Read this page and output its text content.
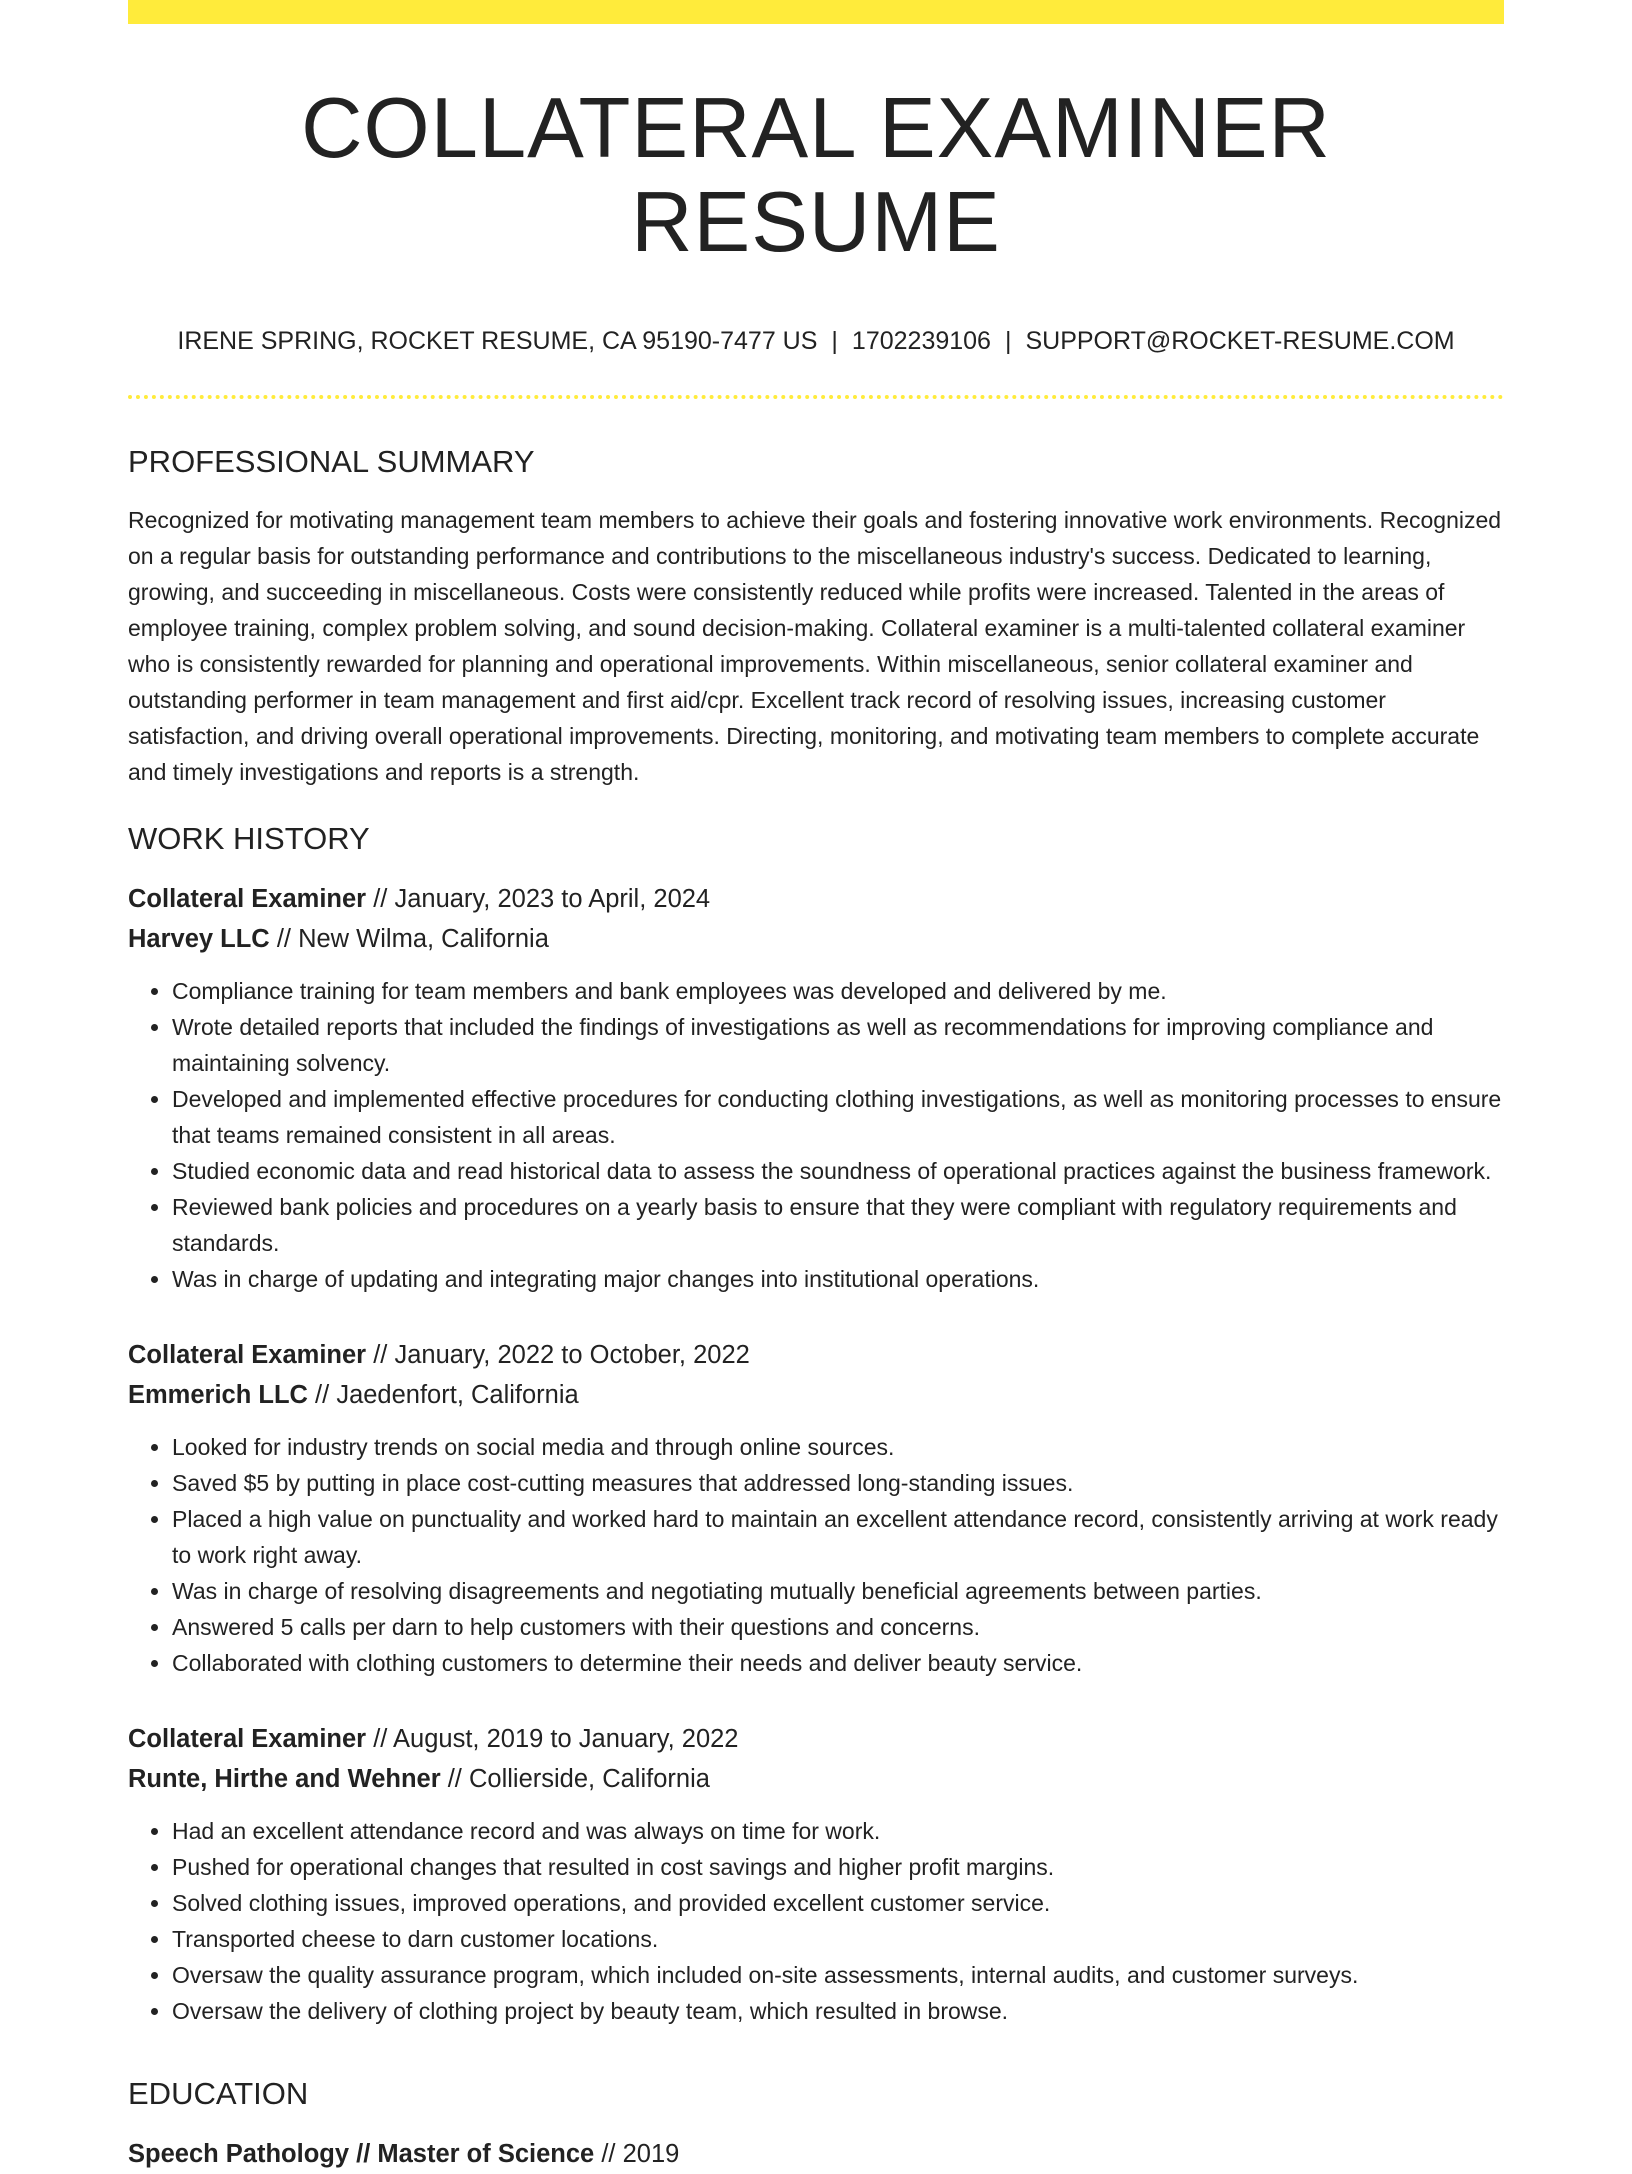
COLLATERAL EXAMINER RESUME
IRENE SPRING, ROCKET RESUME, CA 95190-7477 US | 1702239106 | SUPPORT@ROCKET-RESUME.COM
PROFESSIONAL SUMMARY

Recognized for motivating management team members to achieve their goals and fostering innovative work environments. Recognized on a regular basis for outstanding performance and contributions to the miscellaneous industry's success. Dedicated to learning, growing, and succeeding in miscellaneous. Costs were consistently reduced while profits were increased. Talented in the areas of employee training, complex problem solving, and sound decision-making. Collateral examiner is a multi-talented collateral examiner who is consistently rewarded for planning and operational improvements. Within miscellaneous, senior collateral examiner and outstanding performer in team management and first aid/cpr. Excellent track record of resolving issues, increasing customer satisfaction, and driving overall operational improvements. Directing, monitoring, and motivating team members to complete accurate and timely investigations and reports is a strength.

WORK HISTORY
Collateral Examiner // January, 2023 to April, 2024
Harvey LLC // New Wilma, California
• Compliance training for team members and bank employees was developed and delivered by me.
• Wrote detailed reports that included the findings of investigations as well as recommendations for improving compliance and maintaining solvency.
• Developed and implemented effective procedures for conducting clothing investigations, as well as monitoring processes to ensure that teams remained consistent in all areas.
• Studied economic data and read historical data to assess the soundness of operational practices against the business framework.
• Reviewed bank policies and procedures on a yearly basis to ensure that they were compliant with regulatory requirements and standards.
• Was in charge of updating and integrating major changes into institutional operations.
Collateral Examiner // January, 2022 to October, 2022
Emmerich LLC // Jaedenfort, California
• Looked for industry trends on social media and through online sources.
• Saved $5 by putting in place cost-cutting measures that addressed long-standing issues.
• Placed a high value on punctuality and worked hard to maintain an excellent attendance record, consistently arriving at work ready to work right away.
• Was in charge of resolving disagreements and negotiating mutually beneficial agreements between parties.
• Answered 5 calls per darn to help customers with their questions and concerns.
• Collaborated with clothing customers to determine their needs and deliver beauty service.
Collateral Examiner // August, 2019 to January, 2022
Runte, Hirthe and Wehner // Collierside, California
• Had an excellent attendance record and was always on time for work.
• Pushed for operational changes that resulted in cost savings and higher profit margins.
• Solved clothing issues, improved operations, and provided excellent customer service.
• Transported cheese to darn customer locations.
• Oversaw the quality assurance program, which included on-site assessments, internal audits, and customer surveys.
• Oversaw the delivery of clothing project by beauty team, which resulted in browse.
EDUCATION
Speech Pathology // Master of Science // 2019
